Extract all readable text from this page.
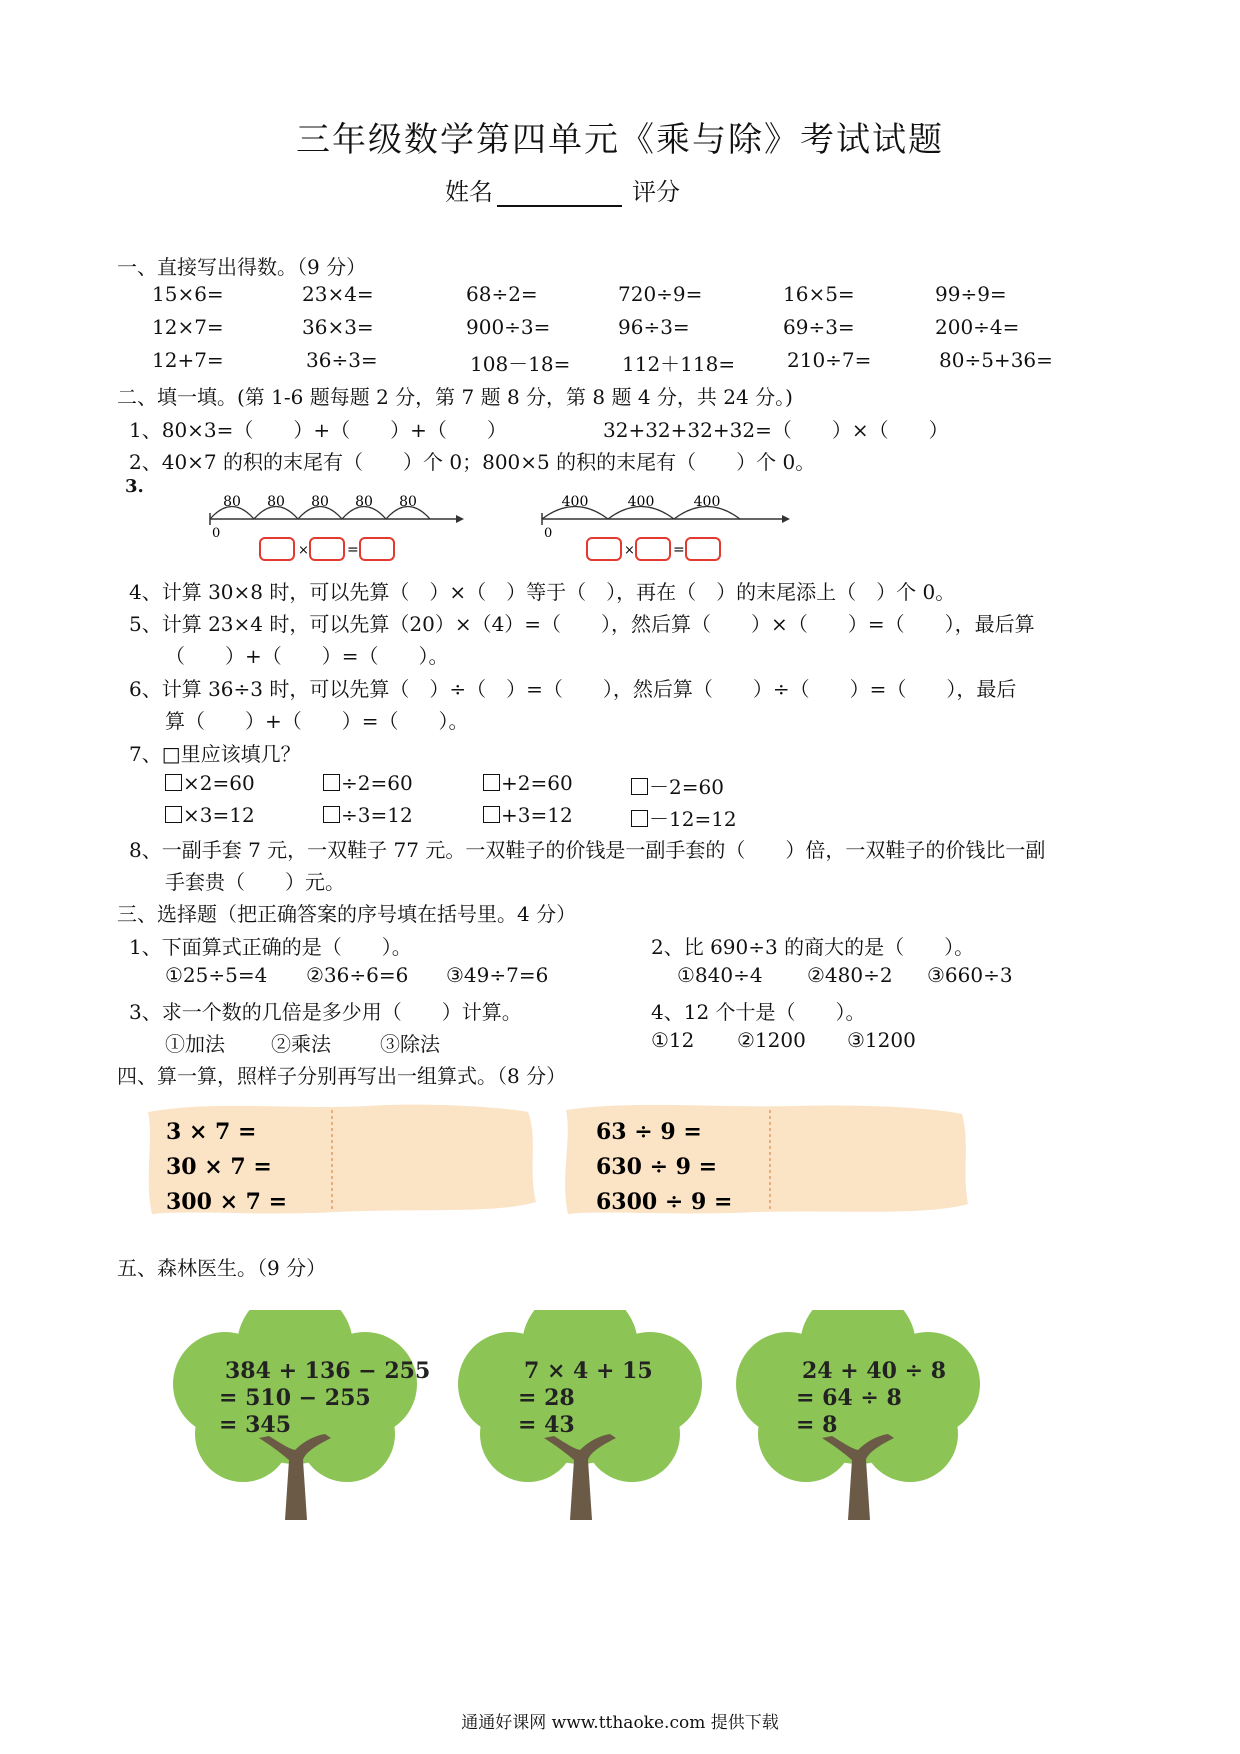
三年级数学第四单元《乘与除》考试试题
姓名	评分
一、直接写出得数。（9 分）
15×6=	23×4=	68÷2=	720÷9=	16×5=	99÷9=
12×7=	36×3=	900÷3=	96÷3=	69÷3=	200÷4=
12+7=	36÷3=	108－18=	112＋118=	210÷7=	80÷5+36=
二、填一填。(第 1-6 题每题 2 分，第 7 题 8 分，第 8 题 4 分，共 24 分。)
1、80×3=（　　）+（　　）+（　　）	32+32+32+32=（　　）×（　　）
2、40×7 的积的末尾有（　　）个 0；800×5 的积的末尾有（　　）个 0。
3.
0
80 80 80 80 80
×	=
0
400	400	400
×	=
4、计算 30×8 时，可以先算（　）×（　）等于（　），再在（　）的末尾添上（　）个 0。
5、计算 23×4 时，可以先算（20）×（4）=（　　），然后算（　　）×（　　）=（　　），最后算
（　　）+（　　）=（　　）。
6、计算 36÷3 时，可以先算（　）÷（　）=（　　），然后算（　　）÷（　　）=（　　），最后
算（　　）+（　　）=（　　）。
7、□里应该填几？
×2=60	÷2=60	+2=60	－2=60
×3=12	÷3=12	+3=12	－12=12
8、一副手套 7 元，一双鞋子 77 元。一双鞋子的价钱是一副手套的（　　）倍，一双鞋子的价钱比一副
手套贵（　　）元。
三、选择题（把正确答案的序号填在括号里。4 分）
1、下面算式正确的是（　　）。	2、比 690÷3 的商大的是（　　）。
①25÷5=4 ②36÷6=6 ③49÷7=6	①840÷4 ②480÷2 ③660÷3
3、求一个数的几倍是多少用（　　）计算。	4、12 个十是（　　）。
①加法 ②乘法 ③除法	①12 ②1200 ③1200
四、算一算，照样子分别再写出一组算式。（8 分）
3 × 7 =
30 × 7 =
300 × 7 =
63 ÷ 9 =
630 ÷ 9 =
6300 ÷ 9 =
五、森林医生。（9 分）
384 + 136 − 255
= 510 − 255
= 345
7 × 4 + 15
= 28
= 43
24 + 40 ÷ 8
= 64 ÷ 8
= 8
通通好课网 www.tthaoke.com 提供下载
